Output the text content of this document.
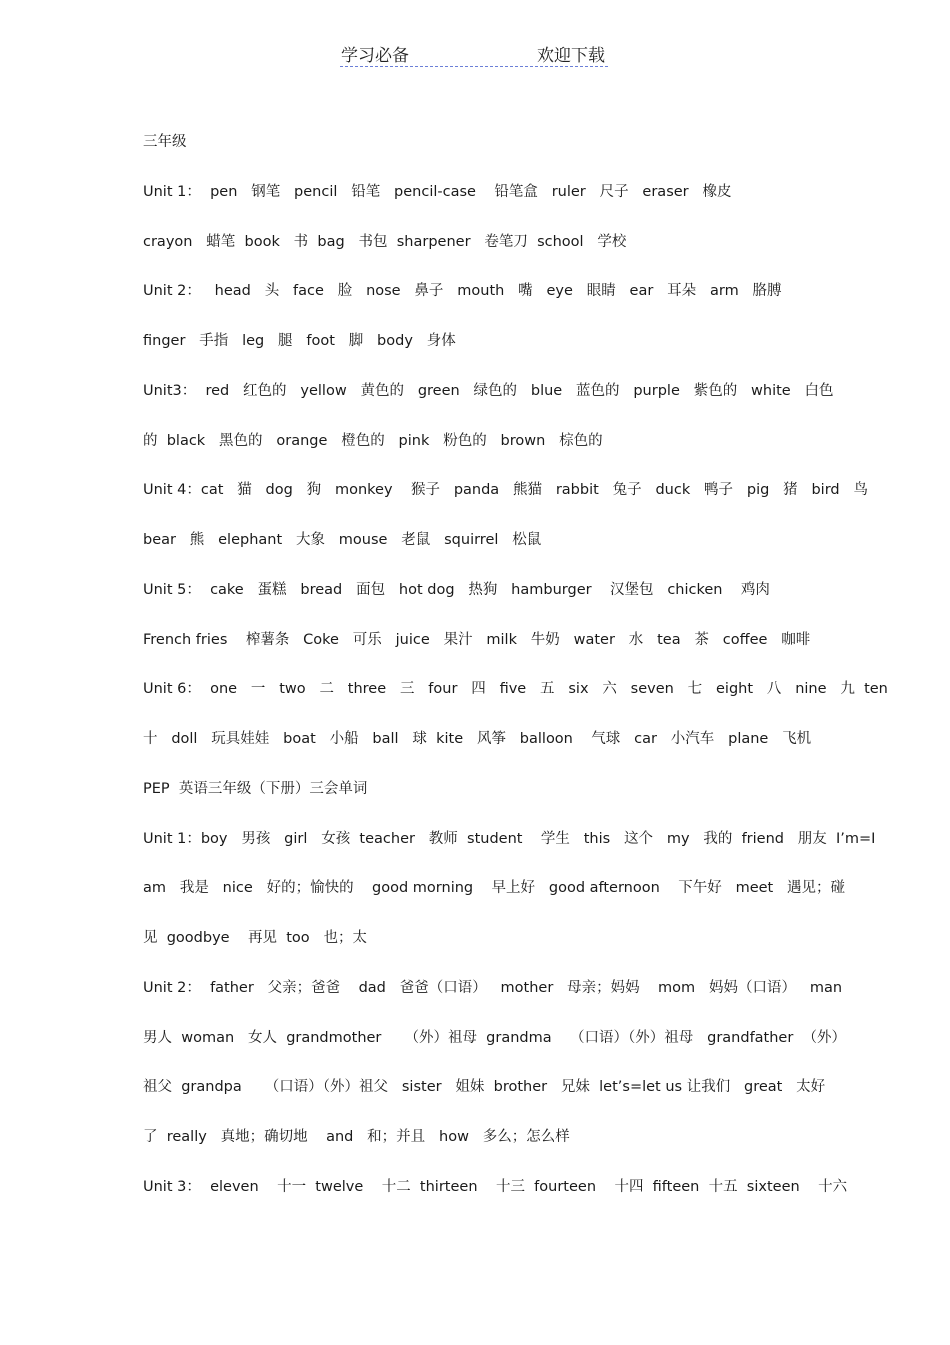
学习必备	欢迎下载
三年级
Unit 1：  pen   钢笔   pencil   铅笔   pencil-case    铅笔盒   ruler   尺子   eraser   橡皮
crayon   蜡笔  book   书  bag   书包  sharpener   卷笔刀  school   学校
Unit 2：   head   头   face   脸   nose   鼻子   mouth   嘴   eye   眼睛   ear   耳朵   arm   胳膊
finger   手指   leg   腿   foot   脚   body   身体
Unit3：  red   红色的   yellow   黄色的   green   绿色的   blue   蓝色的   purple   紫色的   white   白色
的  black   黑色的   orange   橙色的   pink   粉色的   brown   棕色的
Unit 4：cat   猫   dog   狗   monkey    猴子   panda   熊猫   rabbit   兔子   duck   鸭子   pig   猪   bird   鸟
bear   熊   elephant   大象   mouse   老鼠   squirrel   松鼠
Unit 5：  cake   蛋糕   bread   面包   hot dog   热狗   hamburger    汉堡包   chicken    鸡肉
French fries    榨薯条   Coke   可乐   juice   果汁   milk   牛奶   water   水   tea   茶   coffee   咖啡
Unit 6：  one   一   two   二   three   三   four   四   five   五   six   六   seven   七   eight   八   nine   九  ten
十   doll   玩具娃娃   boat   小船   ball   球  kite   风筝   balloon    气球   car   小汽车   plane   飞机
PEP  英语三年级（下册）三会单词
Unit 1：boy   男孩   girl   女孩  teacher   教师  student    学生   this   这个   my   我的  friend   朋友  I’m=I
am   我是   nice   好的；愉快的    good morning    早上好   good afternoon    下午好   meet   遇见；碰
见  goodbye    再见  too   也；太
Unit 2：  father   父亲；爸爸    dad   爸爸（口语）   mother   母亲；妈妈    mom   妈妈（口语）   man
男人  woman   女人  grandmother     （外）祖母  grandma    （口语）（外）祖母   grandfather  （外）
祖父  grandpa     （口语）（外）祖父   sister   姐妹  brother   兄妹  let’s=let us 让我们   great   太好
了  really   真地；确切地    and   和；并且   how   多么；怎么样
Unit 3：  eleven    十一  twelve    十二  thirteen    十三  fourteen    十四  fifteen  十五  sixteen    十六
